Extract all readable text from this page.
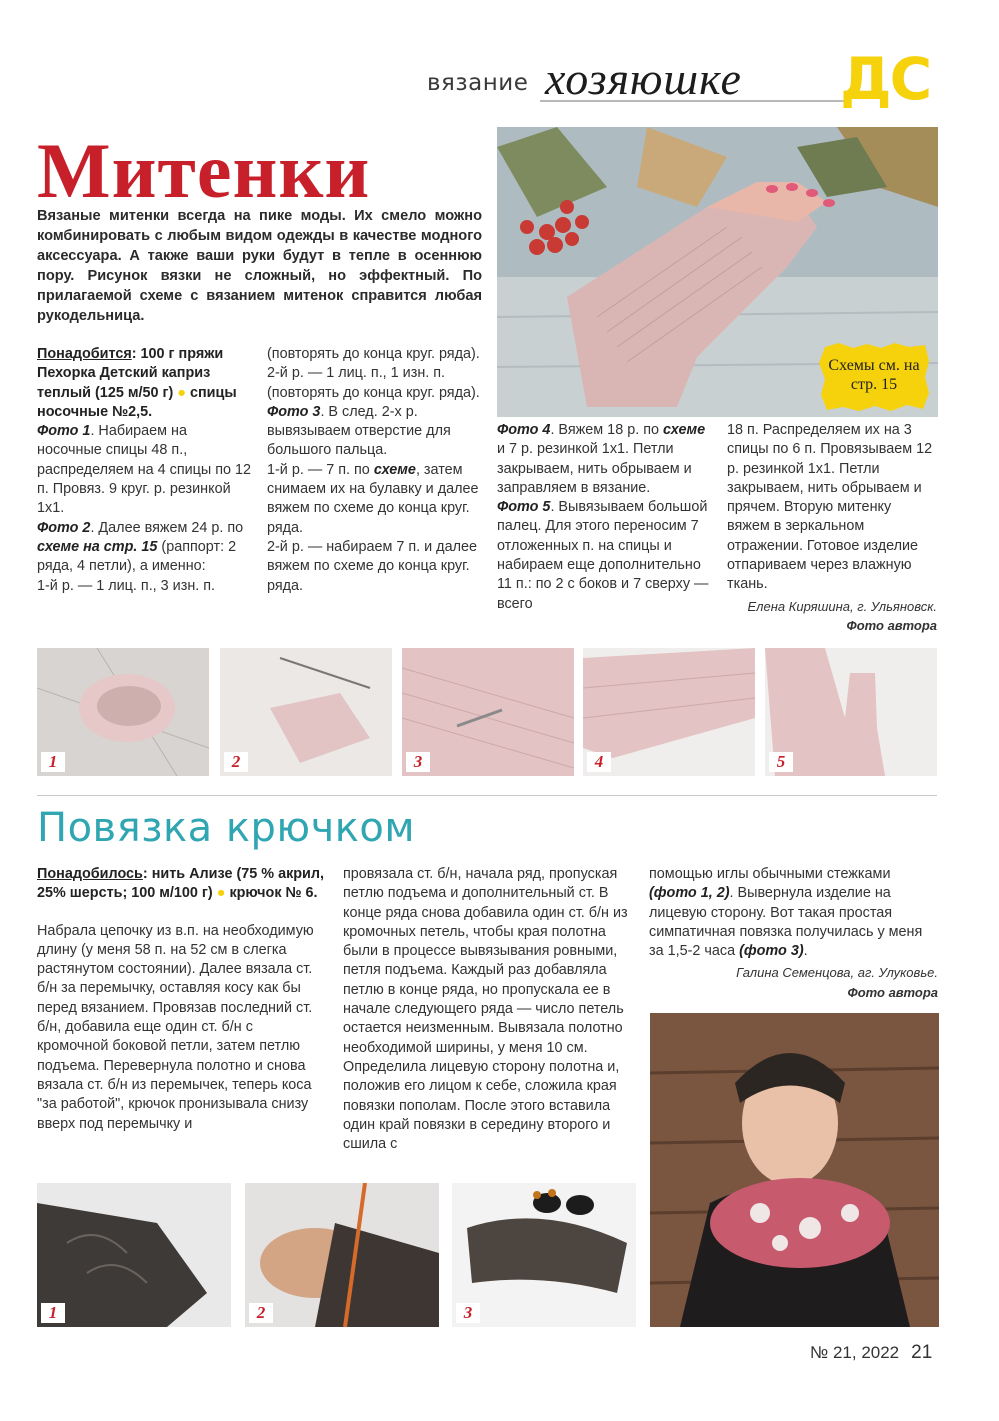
вязание хозяюшке ДС
Митенки
Вязаные митенки всегда на пике моды. Их смело можно комбинировать с любым видом одежды в качестве модного аксессуара. А также ваши руки будут в тепле в осеннюю пору. Рисунок вязки не сложный, но эффектный. По прилагаемой схеме с вязанием митенок справится любая рукодельница.
Схемы см. на стр. 15
Понадобится: 100 г пряжи Пехорка Детский каприз теплый (125 м/50 г) ● спицы носочные №2,5.
Фото 1. Набираем на носочные спицы 48 п., распределяем на 4 спицы по 12 п. Провяз. 9 круг. р. резинкой 1х1.
Фото 2. Далее вяжем 24 р. по схеме на стр. 15 (раппорт: 2 ряда, 4 петли), а именно:
1-й р. — 1 лиц. п., 3 изн. п.
(повторять до конца круг. ряда).
2-й р. — 1 лиц. п., 1 изн. п. (повторять до конца круг. ряда).
Фото 3. В след. 2-х р. вывязываем отверстие для большого пальца.
1-й р. — 7 п. по схеме, затем снимаем их на булавку и далее вяжем по схеме до конца круг. ряда.
2-й р. — набираем 7 п. и далее вяжем по схеме до конца круг. ряда.
Фото 4. Вяжем 18 р. по схеме и 7 р. резинкой 1х1. Петли закрываем, нить обрываем и заправляем в вязание.
Фото 5. Вывязываем большой палец. Для этого переносим 7 отложенных п. на спицы и набираем еще дополнительно 11 п.: по 2 с боков и 7 сверху — всего
18 п. Распределяем их на 3 спицы по 6 п. Провязываем 12 р. резинкой 1х1. Петли закрываем, нить обрываем и прячем. Вторую митенку вяжем в зеркальном отражении. Готовое изделие отпариваем через влажную ткань.
Елена Киряшина, г. Ульяновск.
Фото автора
1	2	3	4	5
Повязка крючком
Понадобилось: нить Ализе (75 % акрил, 25% шерсть; 100 м/100 г) ● крючок № 6.
Набрала цепочку из в.п. на необходимую длину (у меня 58 п. на 52 см в слегка растянутом состоянии). Далее вязала ст. б/н за перемычку, оставляя косу как бы перед вязанием. Провязав последний ст. б/н, добавила еще один ст. б/н с кромочной боковой петли, затем петлю подъема. Перевернула полотно и снова вязала ст. б/н из перемычек, теперь коса "за работой", крючок пронизывала снизу вверх под перемычку и
провязала ст. б/н, начала ряд, пропуская петлю подъема и дополнительный ст. В конце ряда снова добавила один ст. б/н из кромочных петель, чтобы края полотна были в процессе вывязывания ровными, петля подъема. Каждый раз добавляла петлю в конце ряда, но пропускала ее в начале следующего ряда — число петель остается неизменным. Вывязала полотно необходимой ширины, у меня 10 см. Определила лицевую сторону полотна и, положив его лицом к себе, сложила края повязки пополам. После этого вставила один край повязки в середину второго и сшила с
помощью иглы обычными стежками (фото 1, 2). Вывернула изделие на лицевую сторону. Вот такая простая симпатичная повязка получилась у меня за 1,5-2 часа (фото 3).
Галина Семенцова, аг. Улуковье.
Фото автора
1	2	3
№ 21, 2022 21
